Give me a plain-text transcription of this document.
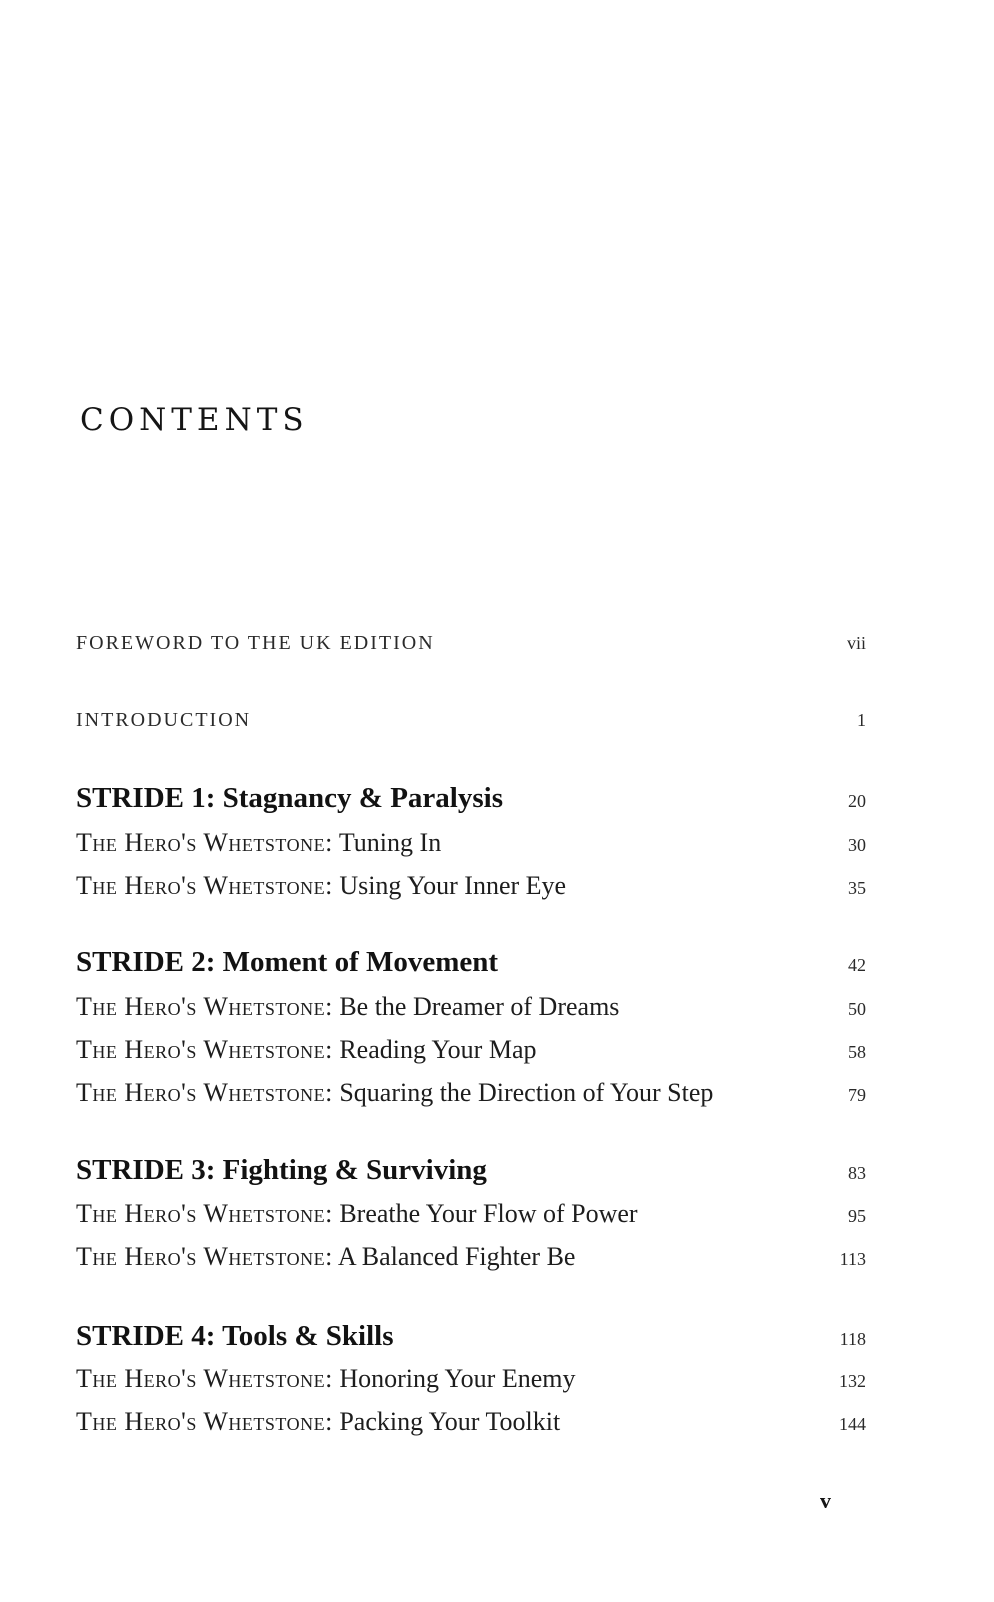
CONTENTS
FOREWORD TO THE UK EDITION	vii
INTRODUCTION	1
STRIDE 1: Stagnancy & Paralysis	20
The Hero's Whetstone: Tuning In	30
The Hero's Whetstone: Using Your Inner Eye	35
STRIDE 2: Moment of Movement	42
The Hero's Whetstone: Be the Dreamer of Dreams	50
The Hero's Whetstone: Reading Your Map	58
The Hero's Whetstone: Squaring the Direction of Your Step	79
STRIDE 3: Fighting & Surviving	83
The Hero's Whetstone: Breathe Your Flow of Power	95
The Hero's Whetstone: A Balanced Fighter Be	113
STRIDE 4: Tools & Skills	118
The Hero's Whetstone: Honoring Your Enemy	132
The Hero's Whetstone: Packing Your Toolkit	144
v
